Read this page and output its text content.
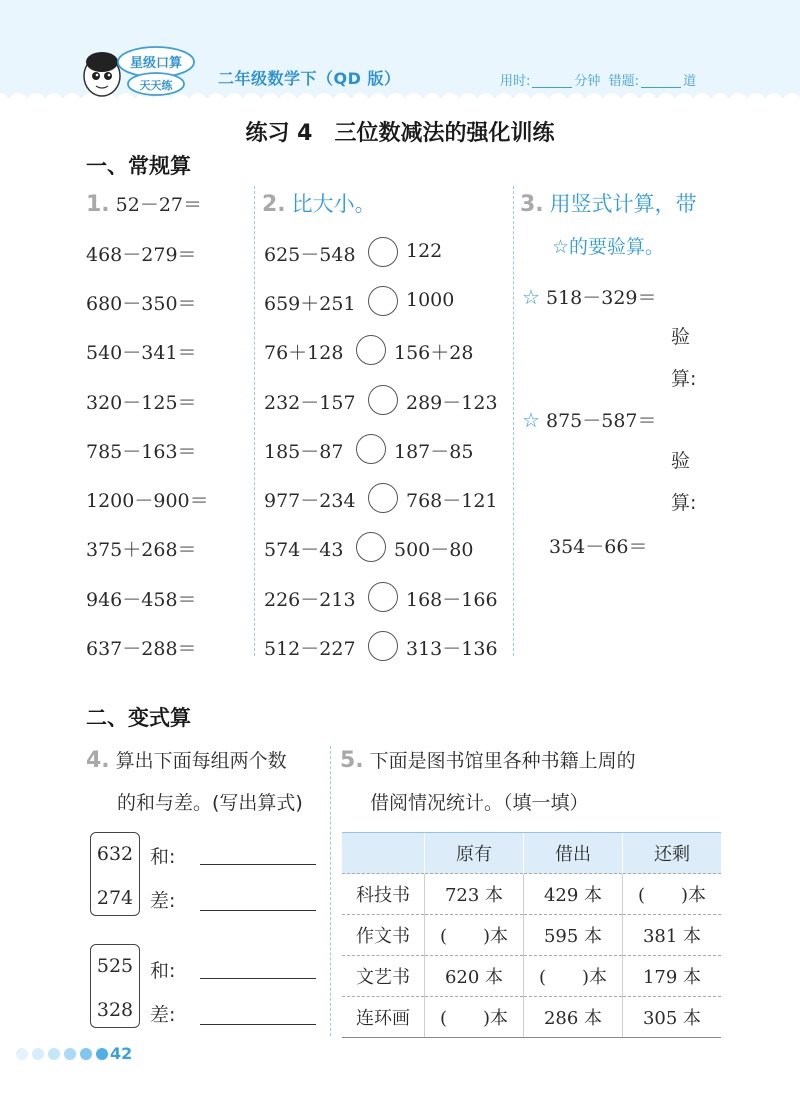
星级口算
天天练	二年级数学下（QD 版）	用时:	分钟 错题:	道
练习 4　三位数减法的强化训练
一、常规算
1. 52－27＝
468－279＝
680－350＝
540－341＝
320－125＝
785－163＝
1200－900＝
375＋268＝
946－458＝
637－288＝
2. 比大小。
625－548	122
659＋251	1000
76＋128	156＋28
232－157	289－123
185－87	187－85
977－234	768－121
574－43	500－80
226－213	168－166
512－227	313－136
3. 用竖式计算，带
☆的要验算。
☆ 518－329＝
验
算:
☆ 875－587＝
验
算:
354－66＝
二、变式算
4. 算出下面每组两个数
的和与差。(写出算式)
632
274
和:
差:
525
328
和:
差:
5. 下面是图书馆里各种书籍上周的
借阅情况统计。（填一填）
	原有	借出	还剩
科技书	723 本	429 本	(　　)本
作文书	(　　)本	595 本	381 本
文艺书	620 本	(　　)本	179 本
连环画	(　　)本	286 本	305 本
42
